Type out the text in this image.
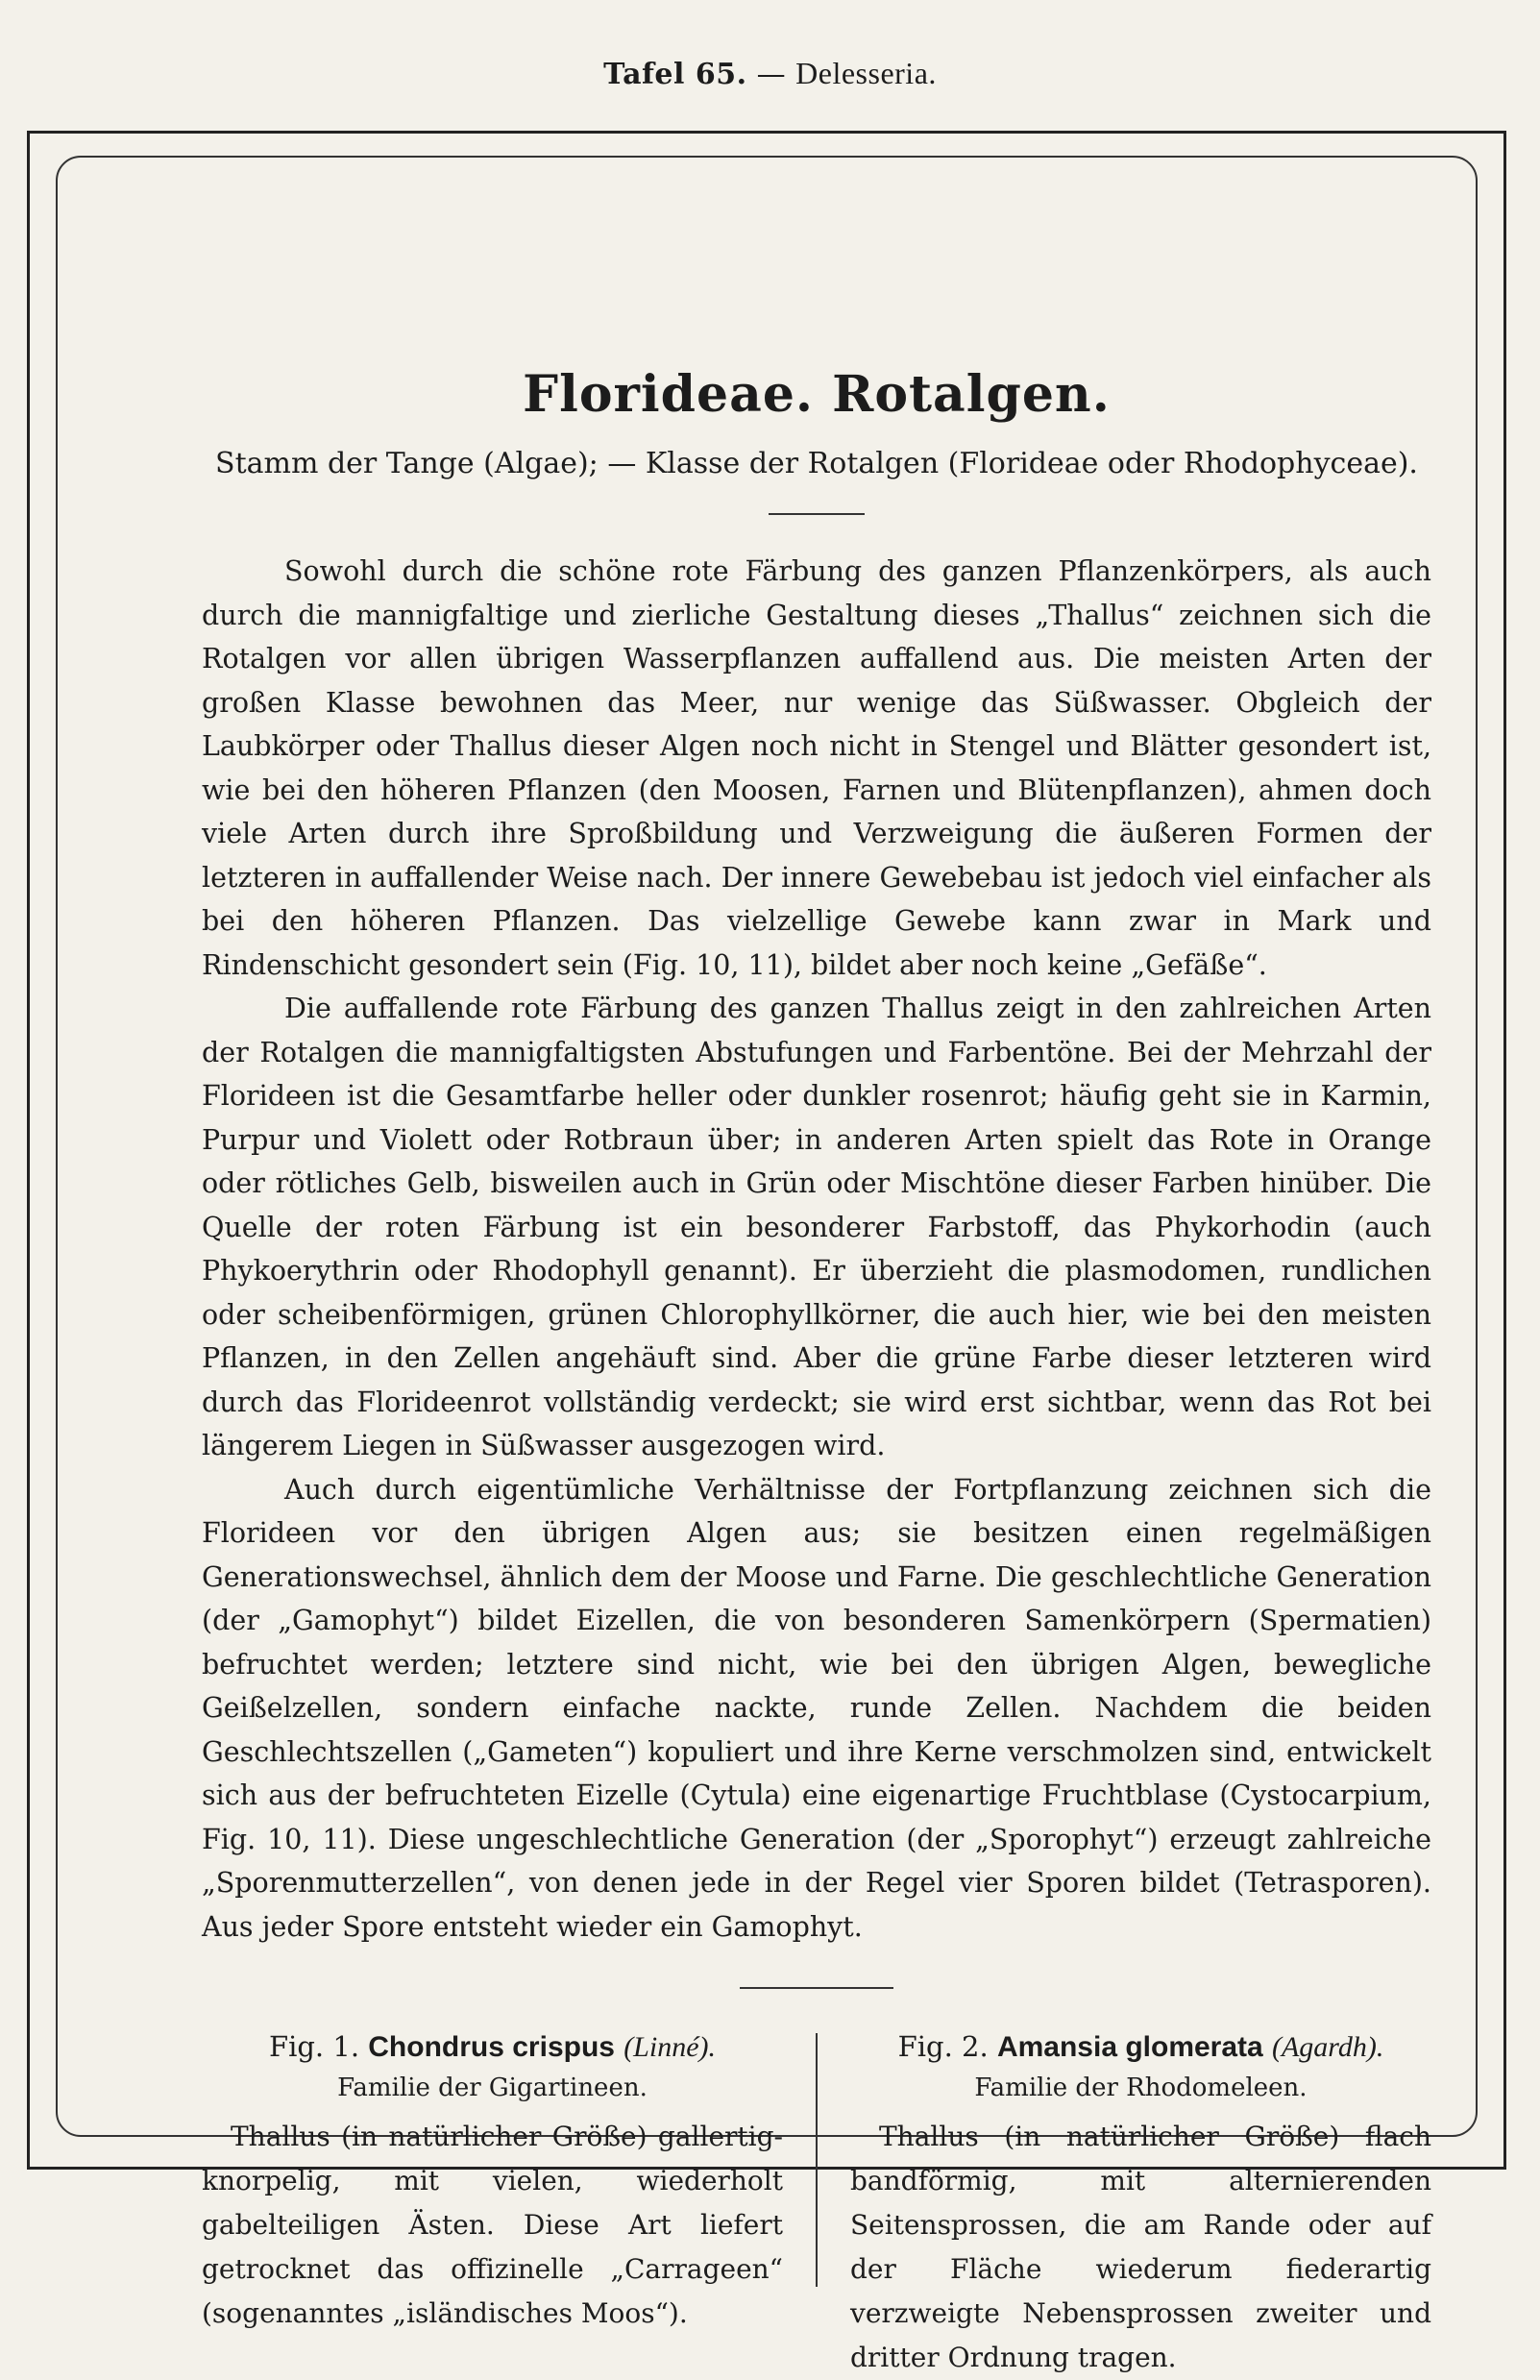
Tafel 65. — Delesseria.
Florideae. Rotalgen.

Stamm der Tange (Algae); — Klasse der Rotalgen (Florideae oder Rhodophyceae).

Sowohl durch die schöne rote Färbung des ganzen Pflanzenkörpers, als auch durch die mannigfaltige und zierliche Gestaltung dieses „Thallus“ zeichnen sich die Rotalgen vor allen übrigen Wasserpflanzen auffallend aus. Die meisten Arten der großen Klasse bewohnen das Meer, nur wenige das Süßwasser. Obgleich der Laubkörper oder Thallus dieser Algen noch nicht in Stengel und Blätter gesondert ist, wie bei den höheren Pflanzen (den Moosen, Farnen und Blütenpflanzen), ahmen doch viele Arten durch ihre Sproßbildung und Verzweigung die äußeren Formen der letzteren in auffallender Weise nach. Der innere Gewebebau ist jedoch viel einfacher als bei den höheren Pflanzen. Das vielzellige Gewebe kann zwar in Mark und Rindenschicht gesondert sein (Fig. 10, 11), bildet aber noch keine „Gefäße“.

Die auffallende rote Färbung des ganzen Thallus zeigt in den zahlreichen Arten der Rotalgen die mannigfaltigsten Abstufungen und Farbentöne. Bei der Mehrzahl der Florideen ist die Gesamtfarbe heller oder dunkler rosenrot; häufig geht sie in Karmin, Purpur und Violett oder Rotbraun über; in anderen Arten spielt das Rote in Orange oder rötliches Gelb, bisweilen auch in Grün oder Mischtöne dieser Farben hinüber. Die Quelle der roten Färbung ist ein besonderer Farbstoff, das Phykorhodin (auch Phykoerythrin oder Rhodophyll genannt). Er überzieht die plasmodomen, rundlichen oder scheibenförmigen, grünen Chlorophyllkörner, die auch hier, wie bei den meisten Pflanzen, in den Zellen angehäuft sind. Aber die grüne Farbe dieser letzteren wird durch das Florideenrot vollständig verdeckt; sie wird erst sichtbar, wenn das Rot bei längerem Liegen in Süßwasser ausgezogen wird.

Auch durch eigentümliche Verhältnisse der Fortpflanzung zeichnen sich die Florideen vor den übrigen Algen aus; sie besitzen einen regelmäßigen Generationswechsel, ähnlich dem der Moose und Farne. Die geschlechtliche Generation (der „Gamophyt“) bildet Eizellen, die von besonderen Samenkörpern (Spermatien) befruchtet werden; letztere sind nicht, wie bei den übrigen Algen, bewegliche Geißelzellen, sondern einfache nackte, runde Zellen. Nachdem die beiden Geschlechtszellen („Gameten“) kopuliert und ihre Kerne verschmolzen sind, entwickelt sich aus der befruchteten Eizelle (Cytula) eine eigenartige Fruchtblase (Cystocarpium, Fig. 10, 11). Diese ungeschlechtliche Generation (der „Sporophyt“) erzeugt zahlreiche „Sporenmutterzellen“, von denen jede in der Regel vier Sporen bildet (Tetrasporen). Aus jeder Spore entsteht wieder ein Gamophyt.

Fig. 1. Chondrus crispus (Linné).

Familie der Gigartineen.

Thallus (in natürlicher Größe) gallertig-knorpelig, mit vielen, wiederholt gabelteiligen Ästen. Diese Art liefert getrocknet das offizinelle „Carrageen“ (sogenanntes „isländisches Moos“).

Fig. 2. Amansia glomerata (Agardh).

Familie der Rhodomeleen.

Thallus (in natürlicher Größe) flach bandförmig, mit alternierenden Seitensprossen, die am Rande oder auf der Fläche wiederum fiederartig verzweigte Nebensprossen zweiter und dritter Ordnung tragen.
